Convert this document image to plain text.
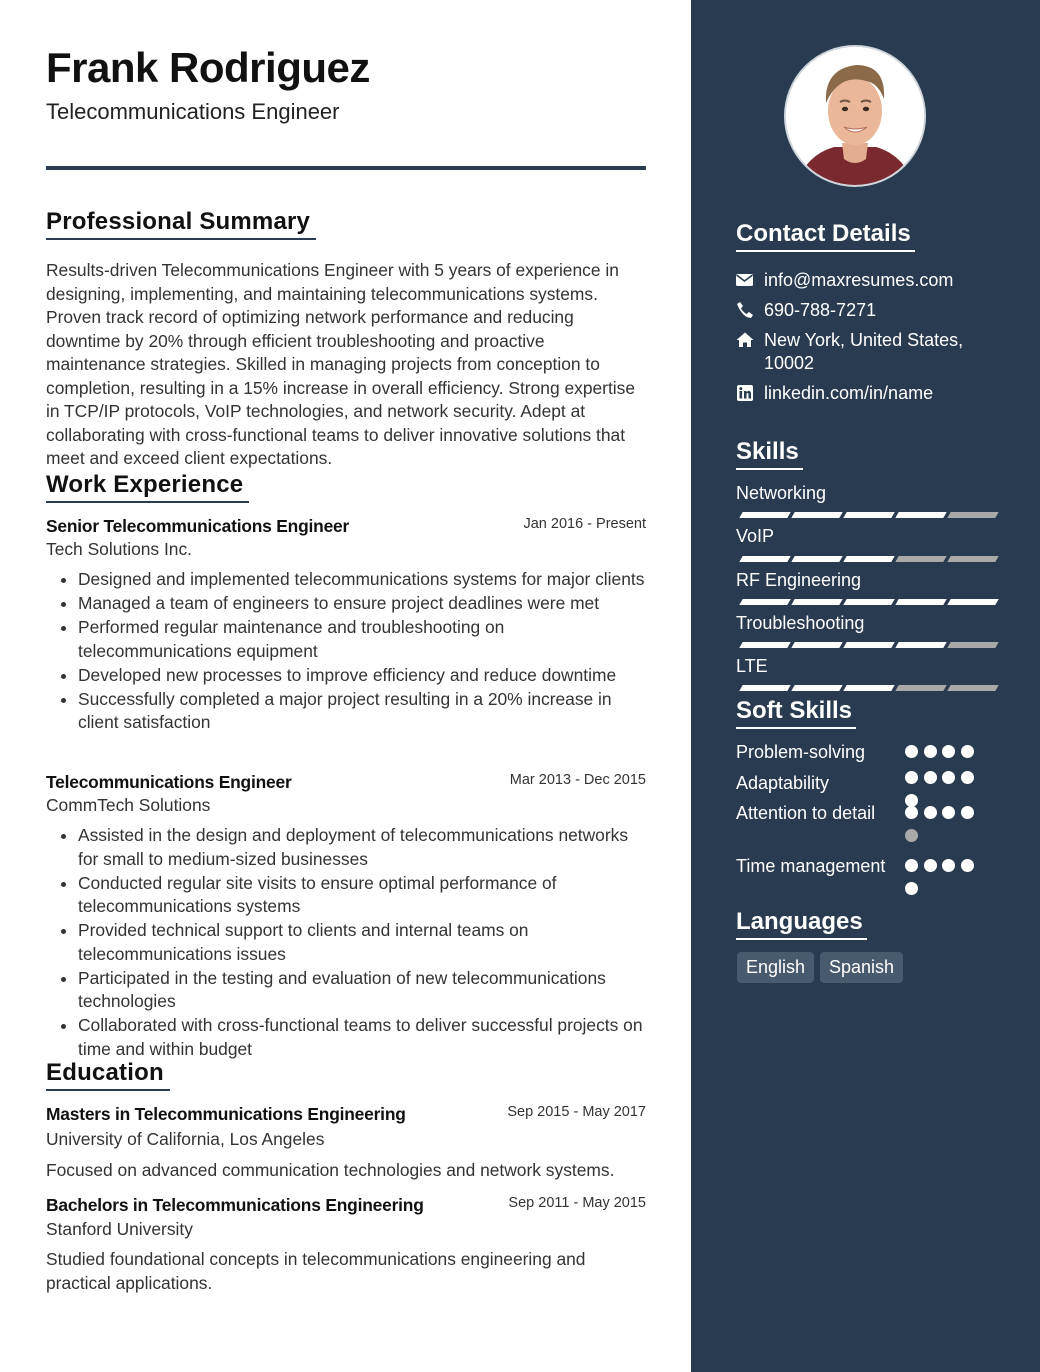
Frank Rodriguez
Telecommunications Engineer
Professional Summary

Results-driven Telecommunications Engineer with 5 years of experience in designing, implementing, and maintaining telecommunications systems. Proven track record of optimizing network performance and reducing downtime by 20% through efficient troubleshooting and proactive maintenance strategies. Skilled in managing projects from conception to completion, resulting in a 15% increase in overall efficiency. Strong expertise in TCP/IP protocols, VoIP technologies, and network security. Adept at collaborating with cross-functional teams to deliver innovative solutions that meet and exceed client expectations.

Work Experience
Senior Telecommunications Engineer	Jan 2016 - Present
Tech Solutions Inc.
• Designed and implemented telecommunications systems for major clients
• Managed a team of engineers to ensure project deadlines were met
• Performed regular maintenance and troubleshooting on telecommunications equipment
• Developed new processes to improve efficiency and reduce downtime
• Successfully completed a major project resulting in a 20% increase in client satisfaction
Telecommunications Engineer	Mar 2013 - Dec 2015
CommTech Solutions
• Assisted in the design and deployment of telecommunications networks for small to medium-sized businesses
• Conducted regular site visits to ensure optimal performance of telecommunications systems
• Provided technical support to clients and internal teams on telecommunications issues
• Participated in the testing and evaluation of new telecommunications technologies
• Collaborated with cross-functional teams to deliver successful projects on time and within budget
Education
Masters in Telecommunications Engineering	Sep 2015 - May 2017
University of California, Los Angeles

Focused on advanced communication technologies and network systems.

Bachelors in Telecommunications Engineering	Sep 2011 - May 2015
Stanford University

Studied foundational concepts in telecommunications engineering and practical applications.

Contact Details
info@maxresumes.com
690-788-7271
New York, United States, 10002
linkedin.com/in/name
Skills
Networking
VoIP
RF Engineering
Troubleshooting
LTE
Soft Skills
Problem-solving
Adaptability
Attention to detail
Time management
Languages
English	Spanish
